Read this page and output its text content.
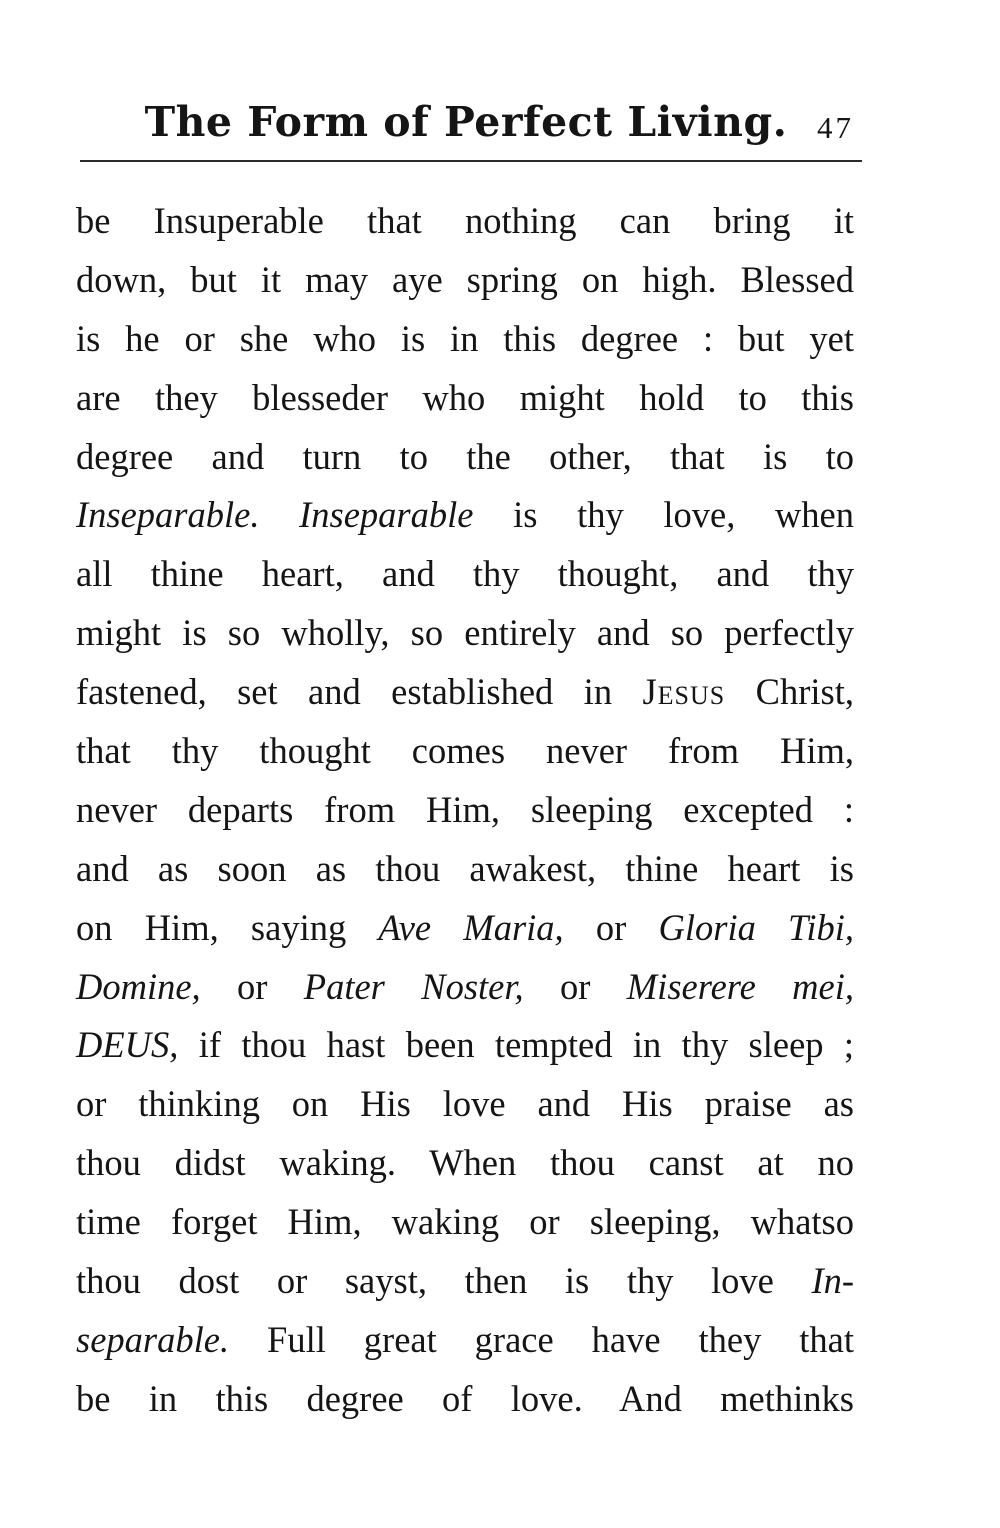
The Form of Perfect Living. 47
be Insuperable that nothing can bring it
down, but it may aye spring on high. Blessed
is he or she who is in this degree : but yet
are they blesseder who might hold to this
degree and turn to the other, that is to
Inseparable. Inseparable is thy love, when
all thine heart, and thy thought, and thy
might is so wholly, so entirely and so perfectly
fastened, set and established in Jesus Christ,
that thy thought comes never from Him,
never departs from Him, sleeping excepted :
and as soon as thou awakest, thine heart is
on Him, saying Ave Maria, or Gloria Tibi,
Domine, or Pater Noster, or Miserere mei,
DEUS, if thou hast been tempted in thy sleep ;
or thinking on His love and His praise as
thou didst waking. When thou canst at no
time forget Him, waking or sleeping, whatso
thou dost or sayst, then is thy love In-
separable. Full great grace have they that
be in this degree of love. And methinks
